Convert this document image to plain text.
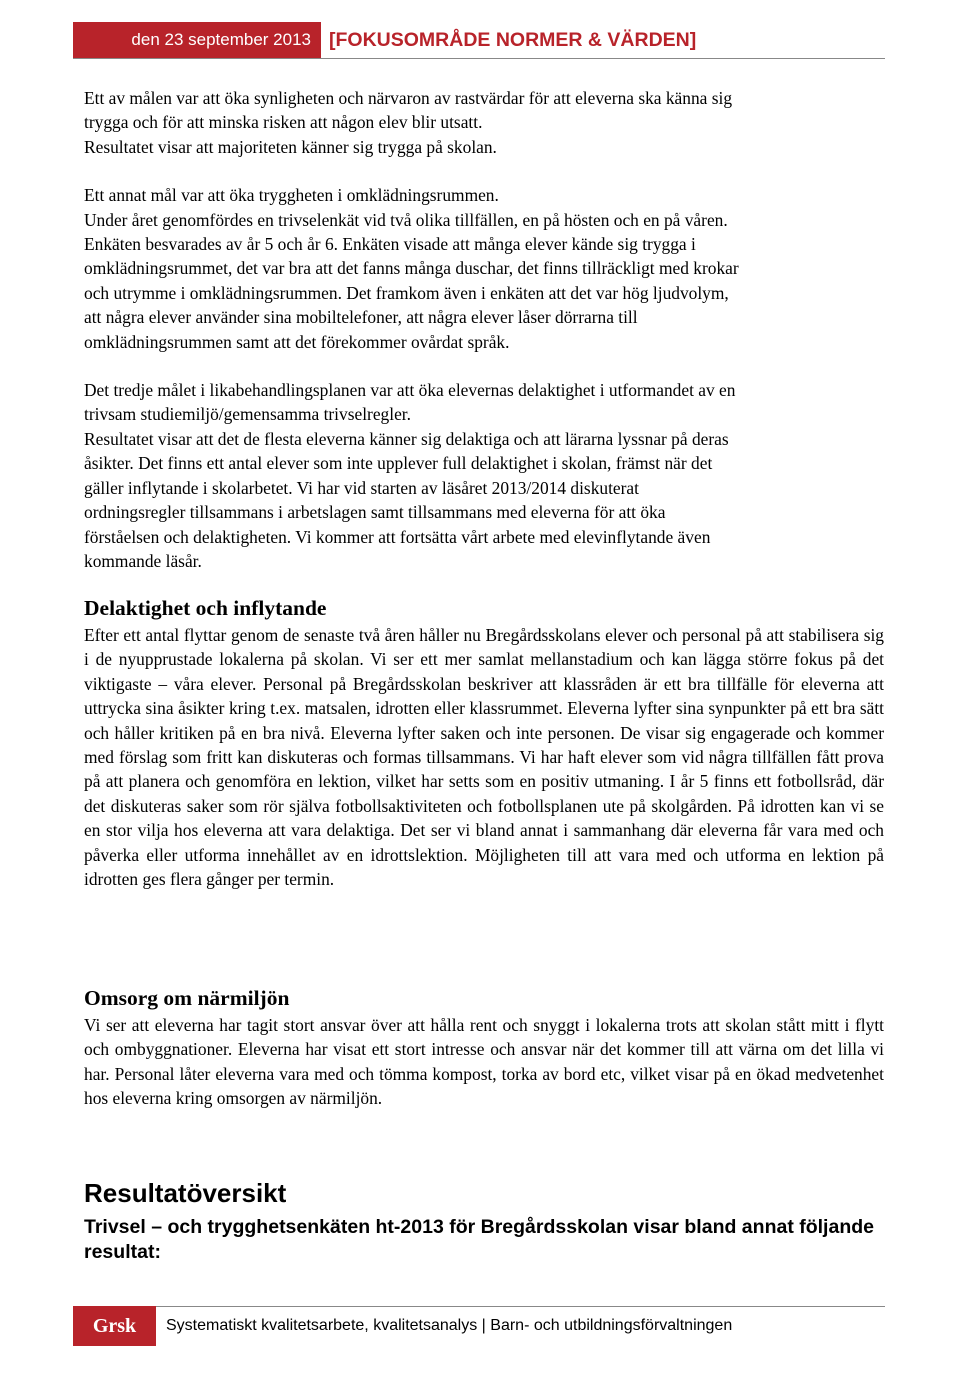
den 23 september 2013 [FOKUSOMRÅDE NORMER & VÄRDEN]

Ett av målen var att öka synligheten och närvaron av rastvärdar för att eleverna ska känna sig

trygga och för att minska risken att någon elev blir utsatt.

Resultatet visar att majoriteten känner sig trygga på skolan.

Ett annat mål var att öka tryggheten i omklädningsrummen.

Under året genomfördes en trivselenkät vid två olika tillfällen, en på hösten och en på våren.

Enkäten besvarades av år 5 och år 6. Enkäten visade att många elever kände sig trygga i

omklädningsrummet, det var bra att det fanns många duschar, det finns tillräckligt med krokar

och utrymme i omklädningsrummen. Det framkom även i enkäten att det var hög ljudvolym,

att några elever använder sina mobiltelefoner, att några elever låser dörrarna till

omklädningsrummen samt att det förekommer ovårdat språk.

Det tredje målet i likabehandlingsplanen var att öka elevernas delaktighet i utformandet av en

trivsam studiemiljö/gemensamma trivselregler.

Resultatet visar att det de flesta eleverna känner sig delaktiga och att lärarna lyssnar på deras

åsikter. Det finns ett antal elever som inte upplever full delaktighet i skolan, främst när det

gäller inflytande i skolarbetet. Vi har vid starten av läsåret 2013/2014 diskuterat

ordningsregler tillsammans i arbetslagen samt tillsammans med eleverna för att öka

förståelsen och delaktigheten. Vi kommer att fortsätta vårt arbete med elevinflytande även

kommande läsår.

Delaktighet och inflytande

Efter ett antal flyttar genom de senaste två åren håller nu Bregårdsskolans elever och personal på att stabilisera sig i de nyupprustade lokalerna på skolan. Vi ser ett mer samlat mellanstadium och kan lägga större fokus på det viktigaste – våra elever. Personal på Bregårdsskolan beskriver att klassråden är ett bra tillfälle för eleverna att uttrycka sina åsikter kring t.ex. matsalen, idrotten eller klassrummet. Eleverna lyfter sina synpunkter på ett bra sätt och håller kritiken på en bra nivå. Eleverna lyfter saken och inte personen. De visar sig engagerade och kommer med förslag som fritt kan diskuteras och formas tillsammans. Vi har haft elever som vid några tillfällen fått prova på att planera och genomföra en lektion, vilket har setts som en positiv utmaning. I år 5 finns ett fotbollsråd, där det diskuteras saker som rör själva fotbollsaktiviteten och fotbollsplanen ute på skolgården. På idrotten kan vi se en stor vilja hos eleverna att vara delaktiga. Det ser vi bland annat i sammanhang där eleverna får vara med och påverka eller utforma innehållet av en idrottslektion. Möjligheten till att vara med och utforma en lektion på idrotten ges flera gånger per termin.

Omsorg om närmiljön

Vi ser att eleverna har tagit stort ansvar över att hålla rent och snyggt i lokalerna trots att skolan stått mitt i flytt och ombyggnationer. Eleverna har visat ett stort intresse och ansvar när det kommer till att värna om det lilla vi har. Personal låter eleverna vara med och tömma kompost, torka av bord etc, vilket visar på en ökad medvetenhet hos eleverna kring omsorgen av närmiljön.

Resultatöversikt
Trivsel – och trygghetsenkäten ht-2013 för Bregårdsskolan visar bland annat följande resultat:
Grsk	Systematiskt kvalitetsarbete, kvalitetsanalys | Barn- och utbildningsförvaltningen
